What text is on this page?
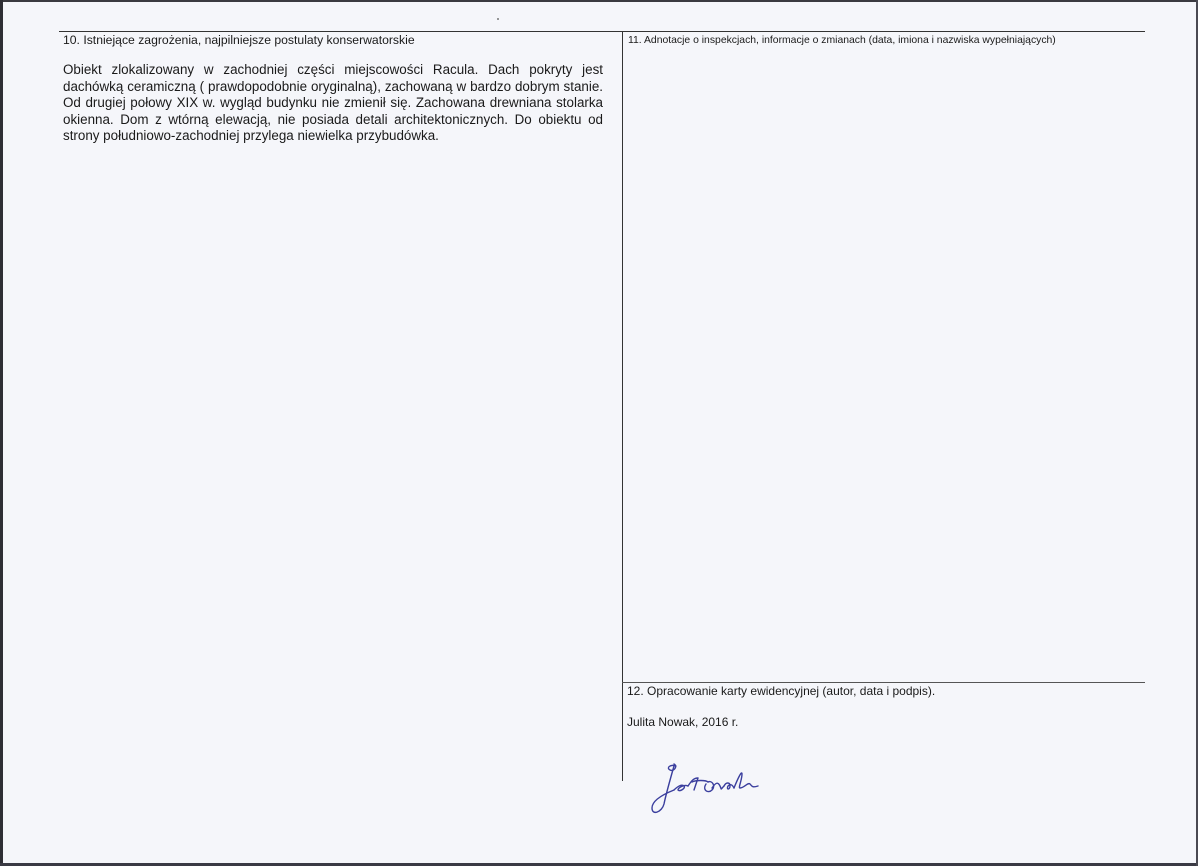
10. Istniejące zagrożenia, najpilniejsze postulaty konserwatorskie
Obiekt zlokalizowany w zachodniej części miejscowości Racula. Dach pokryty jest dachówką ceramiczną ( prawdopodobnie oryginalną), zachowaną w bardzo dobrym stanie. Od drugiej połowy XIX w. wygląd budynku nie zmienił się. Zachowana drewniana stolarka okienna. Dom z wtórną elewacją, nie posiada detali architektonicznych. Do obiektu od strony południowo-zachodniej przylega niewielka przybudówka.
11. Adnotacje o inspekcjach, informacje o zmianach (data, imiona i nazwiska wypełniających)
12. Opracowanie karty ewidencyjnej (autor, data i podpis).
Julita Nowak, 2016 r.
